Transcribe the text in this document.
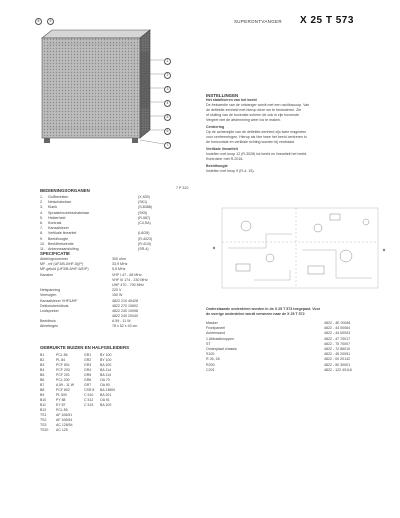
SUPERONTVANGER X 25 T 573
8	9
1
2
3
4
5
6
7
7 P 310
BEDIENINGSORGANEN
1.	Golfbereiken	(X 839)
2.	Netschakelaar	(SK1)
3.	Klank	(S-8388)
4.	Spraak/muziekschakelaar	(SK5)
5.	Helderheid	(R-587)
6.	Kontrast	(C4,SA)
7.	Kanaalkiezer
8.	Vertikale linearitet	(L8/28)
9.	Beeldhoogte	(R-4023)
10. Beeldfrekwentie	(R-4/10)
11. Antenneaansluiting	(SR-4)
SPECIFICATIE
Afdelingsnummer	300 ohm
MF - mf (UF3/B-5/HF-5)(P)	33,9 MHz
MF-geluid (UF3/B-5/HF-5/E/P)	5,5 MHz
Kanalen	VHF I 47 - 68 MHz
VHF III 174 - 230 MHz
UHF 470 - 790 MHz
Netspanning	220 V
Vermogen	150 W
Kanaalkiezer VHF/UHF	4822 210 40428
Deklonsbeeldbuis	4822 270 10602
Luidspreker	4822 240 10098
4822 240 20040
Beeldbuis	A 59 - 11 W
Afmetingen	78 x 52 x 43 cm
GEBRUIKTE BUIZEN EN HALFGELEIDERS
B1	PCL 86	GR1	BY 100
B2	PL 84	GR2	BY 100
B3	PCF 801	GR3	BA 100
B4	PCF 200	GR4	BA 114
B5	PCF 201	GR5	BA 114
B6	PCL 200	GR6	OA 70
B7	A 59 - 11 W	GR7	OA 90
B8	PCF 802	CSR 8	BA 13800
B9	PL 500	C 510	BA 201
B10	PY 88	C 512	OA 91
B11	EY 87	C 513	BA 100
B12	PCL 85
TS1	AF 106/51
TS2	AF 106/54
TS3	AC 126/54
TS20	AC 125
INSTELLINGEN
Het stabiliseren van het beeld
De frekwentie van de ontvanger wordt met een oscilloscoop. Van
de deflektie-eenheid met hierop deze om te bestuderen. Zie
of sluiting van de bovenste scherm de ook in zijn bovenste.
Vergeet niet de afstemming weer los te maken.
Centrering
Op de achterzijde van de deflektie-eenheid zijn twee magneten
voor centreerringen. Hierop als hier twee het beeld centreren in
de horizontale en vertikale richting worden bij verdraaid.
Vertikale lineariteit
Instellen met knop 12 (R-3028) tot beeld en lineariteit het beeld.
Kontroleer met R-2016.
Beeldhoogte
Instellen met knop 9 (R-4- 15).
Onderstaande onderdelen worden in de X 25 T 573 toegepast. Voor
de overige onderdelen wordt verwezen naar de X 25 T 572
Masker	4822 - 4E 00081
Frontpaneel	4822 - 44 00064
Achterwand	4822 - 44 00003
1 Afdraaiknoppen	4822 - 47 70017
ST	4822 - 75 70007
Onderplaat chassis	4822 - 72 86010
S100	4822 - 45 20051
R 26, 28	4822 - 00 20142
R200	4822 - 50 30001
C201	4822 - 122 40116
